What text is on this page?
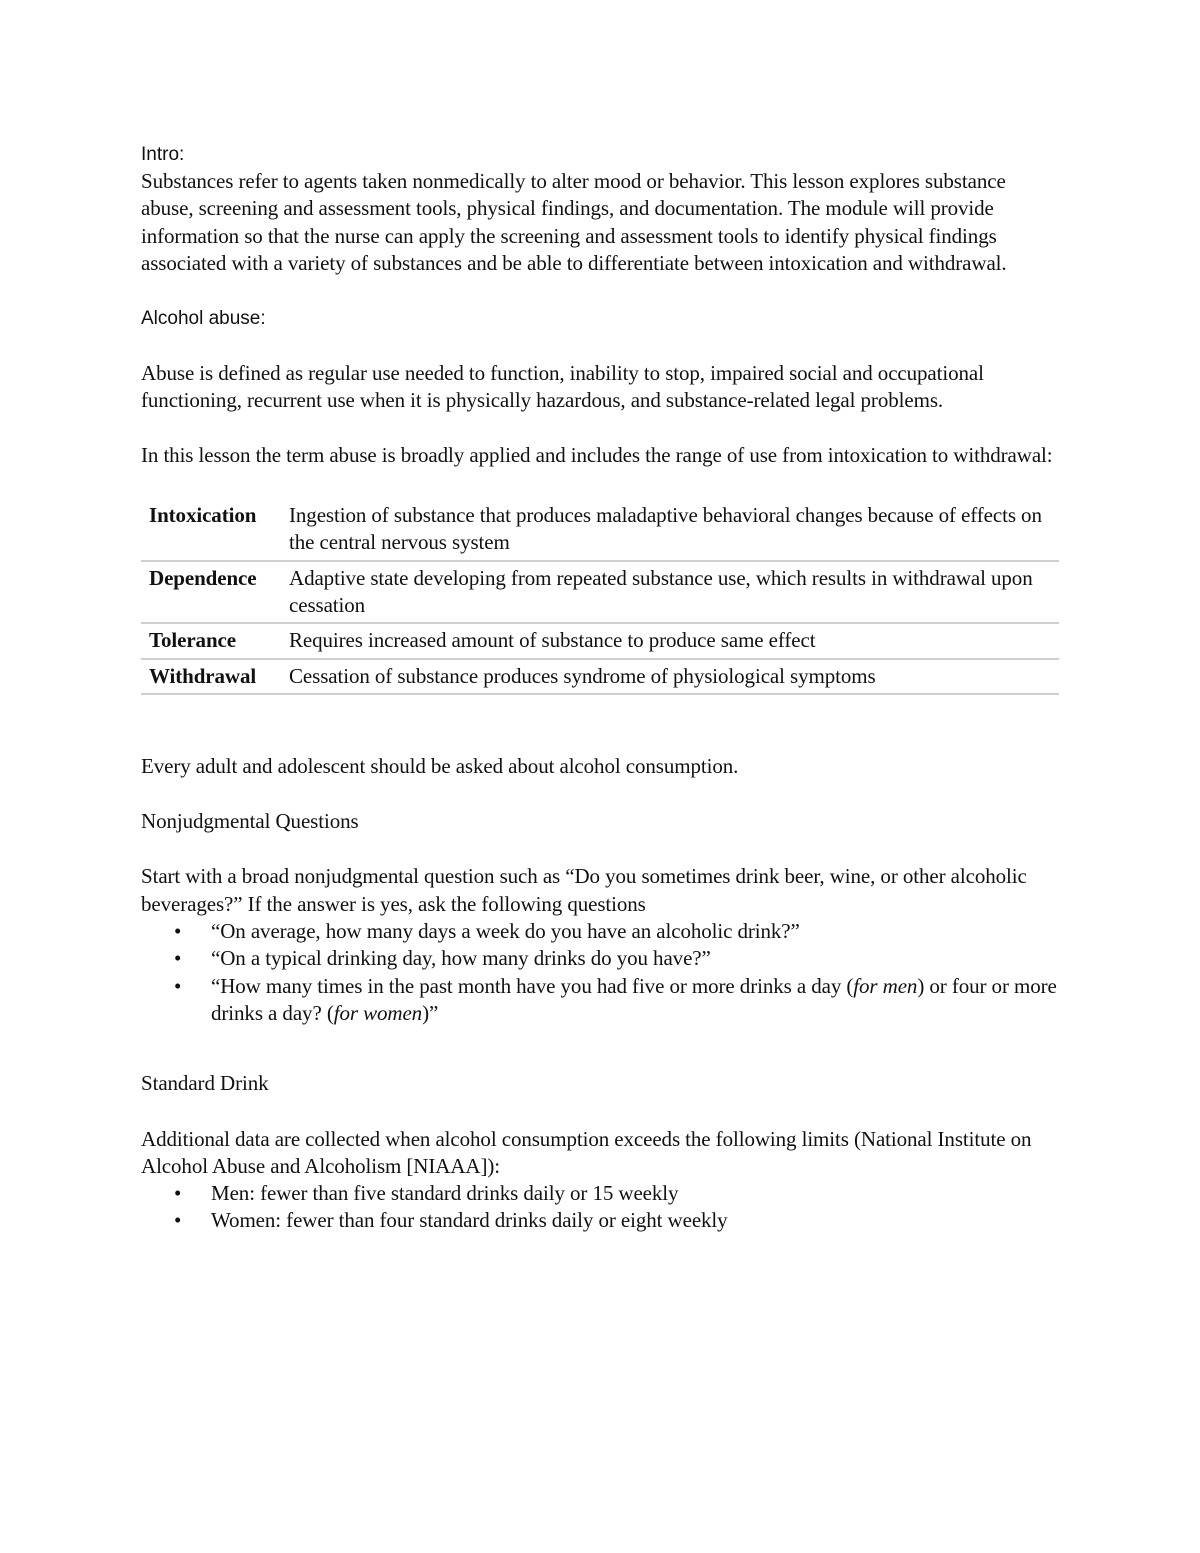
Intro:

Substances refer to agents taken nonmedically to alter mood or behavior. This lesson explores substance abuse, screening and assessment tools, physical findings, and documentation. The module will provide information so that the nurse can apply the screening and assessment tools to identify physical findings associated with a variety of substances and be able to differentiate between intoxication and withdrawal.

Alcohol abuse:

Abuse is defined as regular use needed to function, inability to stop, impaired social and occupational functioning, recurrent use when it is physically hazardous, and substance-related legal problems.

In this lesson the term abuse is broadly applied and includes the range of use from intoxication to withdrawal:

Intoxication	Ingestion of substance that produces maladaptive behavioral changes because of effects on the central nervous system
Dependence	Adaptive state developing from repeated substance use, which results in withdrawal upon cessation
Tolerance	Requires increased amount of substance to produce same effect
Withdrawal	Cessation of substance produces syndrome of physiological symptoms

Every adult and adolescent should be asked about alcohol consumption.

Nonjudgmental Questions

Start with a broad nonjudgmental question such as “Do you sometimes drink beer, wine, or other alcoholic beverages?” If the answer is yes, ask the following questions

• “On average, how many days a week do you have an alcoholic drink?”
• “On a typical drinking day, how many drinks do you have?”
• “How many times in the past month have you had five or more drinks a day (for men) or four or more drinks a day? (for women)”

Standard Drink

Additional data are collected when alcohol consumption exceeds the following limits (National Institute on Alcohol Abuse and Alcoholism [NIAAA]):

• Men: fewer than five standard drinks daily or 15 weekly
• Women: fewer than four standard drinks daily or eight weekly
